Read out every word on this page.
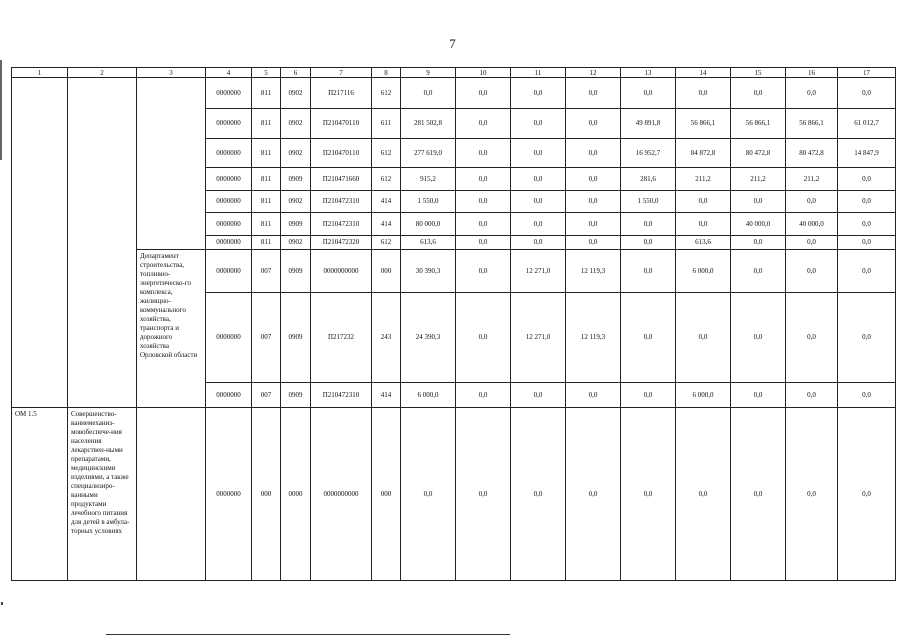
7
1	2	3	4	5	6	7	8	9	10	11	12	13	14	15	16	17
			0000000	811	0902	П217116	612	0,0	0,0	0,0	0,0	0,0	0,0	0,0	0,0	0,0
			0000000	811	0902	П210470110	611	281 502,8	0,0	0,0	0,0	49 891,8	56 866,1	56 866,1	56 866,1	61 012,7
			0000000	811	0902	П210470110	612	277 619,0	0,0	0,0	0,0	16 952,7	84 872,8	80 472,8	80 472,8	14 847,9
			0000000	811	0909	П210471660	612	915,2	0,0	0,0	0,0	281,6	211,2	211,2	211,2	0,0
			0000000	811	0902	П210472310	414	1 550,0	0,0	0,0	0,0	1 550,0	0,0	0,0	0,0	0,0
			0000000	811	0909	П210472310	414	80 000,0	0,0	0,0	0,0	0,0	0,0	40 000,0	40 000,0	0,0
			0000000	811	0902	П210472320	612	613,6	0,0	0,0	0,0	0,0	613,6	0,0	0,0	0,0
		Департамент строительства, топливно-энергетическо-го комплекса, жилищно-коммунального хозяйства, транспорта и дорожного хозяйства Орловской области	0000000	007	0909	0000000000	000	30 390,3	0,0	12 271,0	12 119,3	0,0	6 000,0	0,0	0,0	0,0
			0000000	007	0909	П217232	243	24 390,3	0,0	12 271,0	12 119,3	0,0	0,0	0,0	0,0	0,0
			0000000	007	0909	П210472310	414	6 000,0	0,0	0,0	0,0	0,0	6 000,0	0,0	0,0	0,0
ОМ 1.5	Совершенство-ваниемеханиз-мовобеспече-ния населения лекарствен-ными препаратами, медицинскими изделиями, а также специализиро-ванными продуктами лечебного питания для детей в амбула-торных условиях		0000000	000	0000	0000000000	000	0,0	0,0	0,0	0,0	0,0	0,0	0,0	0,0	0,0
